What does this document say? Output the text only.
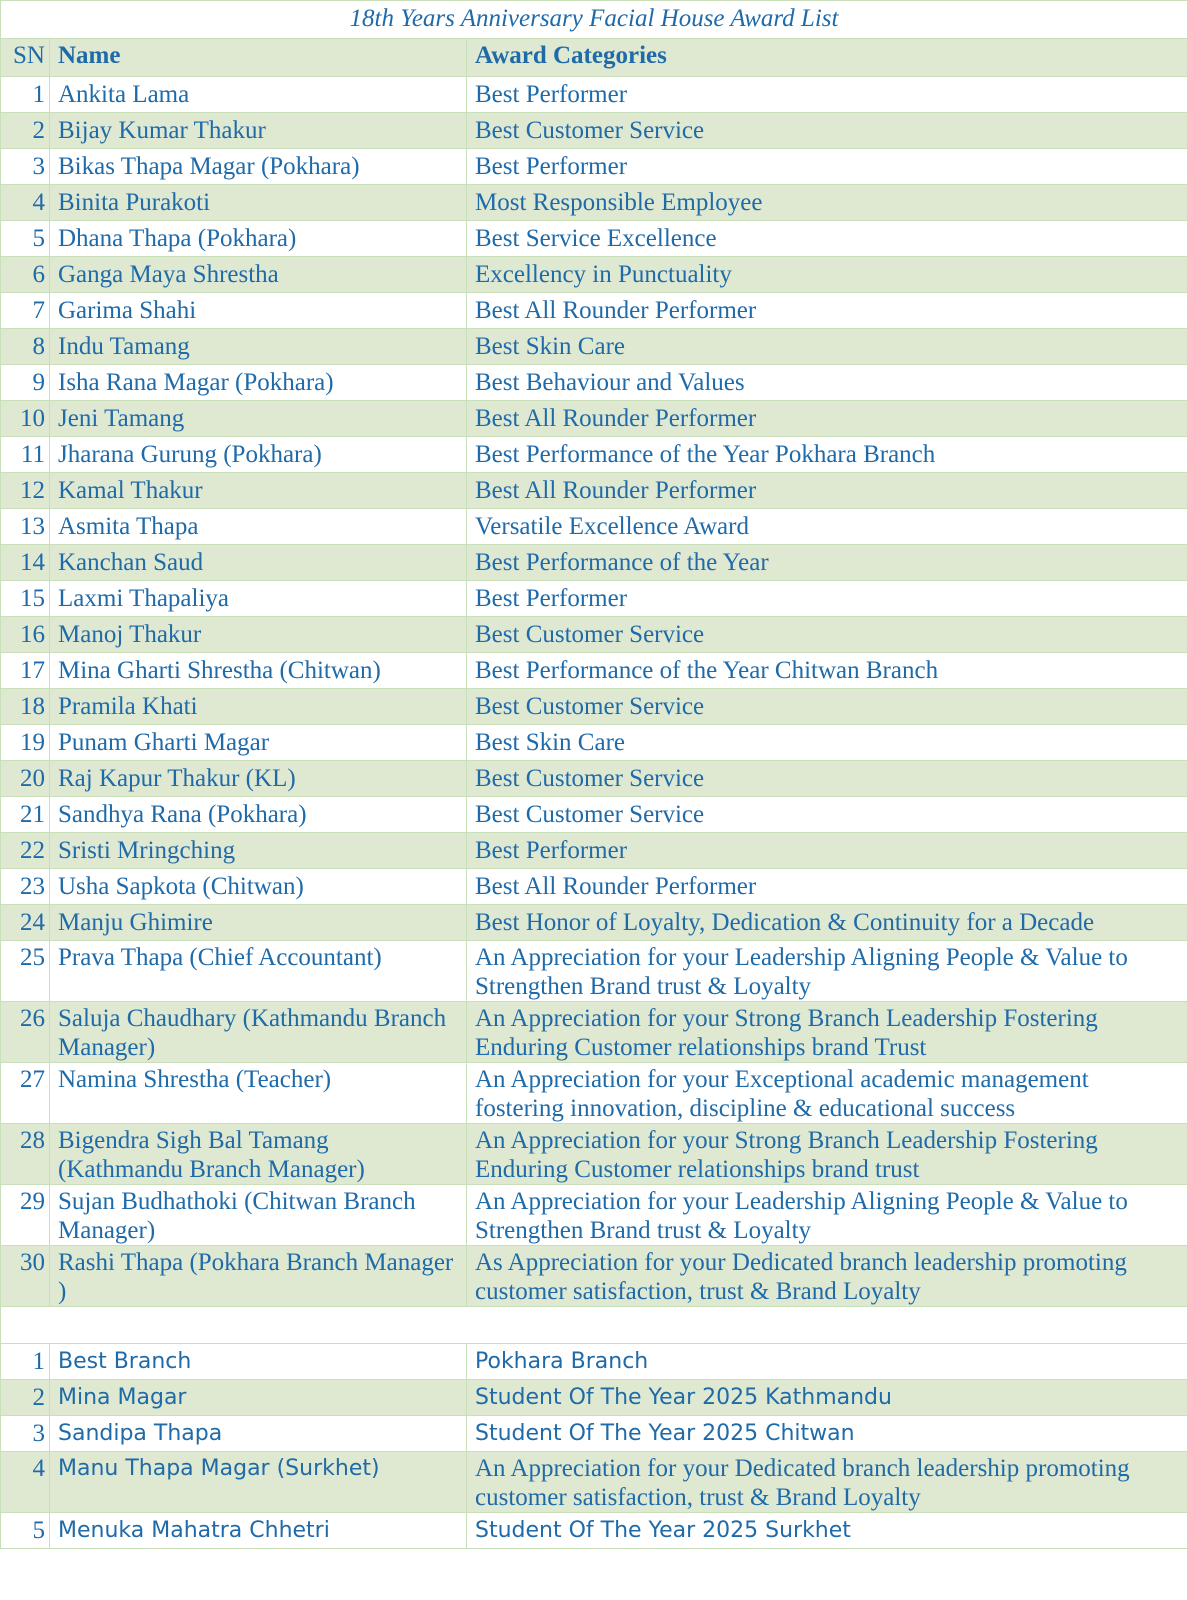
18th Years Anniversary Facial House Award List		
SN	Name	Award Categories
1	Ankita Lama	Best Performer
2	Bijay Kumar Thakur	Best Customer Service
3	Bikas Thapa Magar (Pokhara)	Best Performer
4	Binita Purakoti	Most Responsible Employee
5	Dhana Thapa (Pokhara)	Best Service Excellence
6	Ganga Maya Shrestha	Excellency in Punctuality
7	Garima Shahi	Best All Rounder Performer
8	Indu Tamang	Best Skin Care
9	Isha Rana Magar (Pokhara)	Best Behaviour and Values
10	Jeni Tamang	Best All Rounder Performer
11	Jharana Gurung (Pokhara)	Best Performance of the Year Pokhara Branch
12	Kamal Thakur	Best All Rounder Performer
13	Asmita Thapa	Versatile Excellence Award
14	Kanchan Saud	Best Performance of the Year
15	Laxmi Thapaliya	Best Performer
16	Manoj Thakur	Best Customer Service
17	Mina Gharti Shrestha (Chitwan)	Best Performance of the Year Chitwan Branch
18	Pramila Khati	Best Customer Service
19	Punam Gharti Magar	Best Skin Care
20	Raj Kapur Thakur (KL)	Best Customer Service
21	Sandhya Rana (Pokhara)	Best Customer Service
22	Sristi Mringching	Best Performer
23	Usha Sapkota (Chitwan)	Best All Rounder Performer
24	Manju Ghimire	Best Honor of Loyalty, Dedication & Continuity for a Decade
25	Prava Thapa (Chief Accountant)	An Appreciation for your Leadership Aligning People & Value to Strengthen Brand trust & Loyalty
26	Saluja Chaudhary (Kathmandu Branch Manager)	An Appreciation for your Strong Branch Leadership Fostering Enduring Customer relationships brand Trust
27	Namina Shrestha (Teacher)	An Appreciation for your Exceptional academic management fostering innovation, discipline & educational success
28	Bigendra Sigh Bal Tamang (Kathmandu Branch Manager)	An Appreciation for your Strong Branch Leadership Fostering Enduring Customer relationships brand trust
29	Sujan Budhathoki (Chitwan Branch Manager)	An Appreciation for your Leadership Aligning People & Value to Strengthen Brand trust & Loyalty
30	Rashi Thapa (Pokhara Branch Manager )	As Appreciation for your Dedicated branch leadership promoting customer satisfaction, trust & Brand Loyalty

1	Best Branch	Pokhara Branch
2	Mina Magar	Student Of The Year 2025 Kathmandu
3	Sandipa Thapa	Student Of The Year 2025 Chitwan
4	Manu Thapa Magar (Surkhet)	An Appreciation for your Dedicated branch leadership promoting customer satisfaction, trust & Brand Loyalty
5	Menuka Mahatra Chhetri	Student Of The Year 2025 Surkhet
